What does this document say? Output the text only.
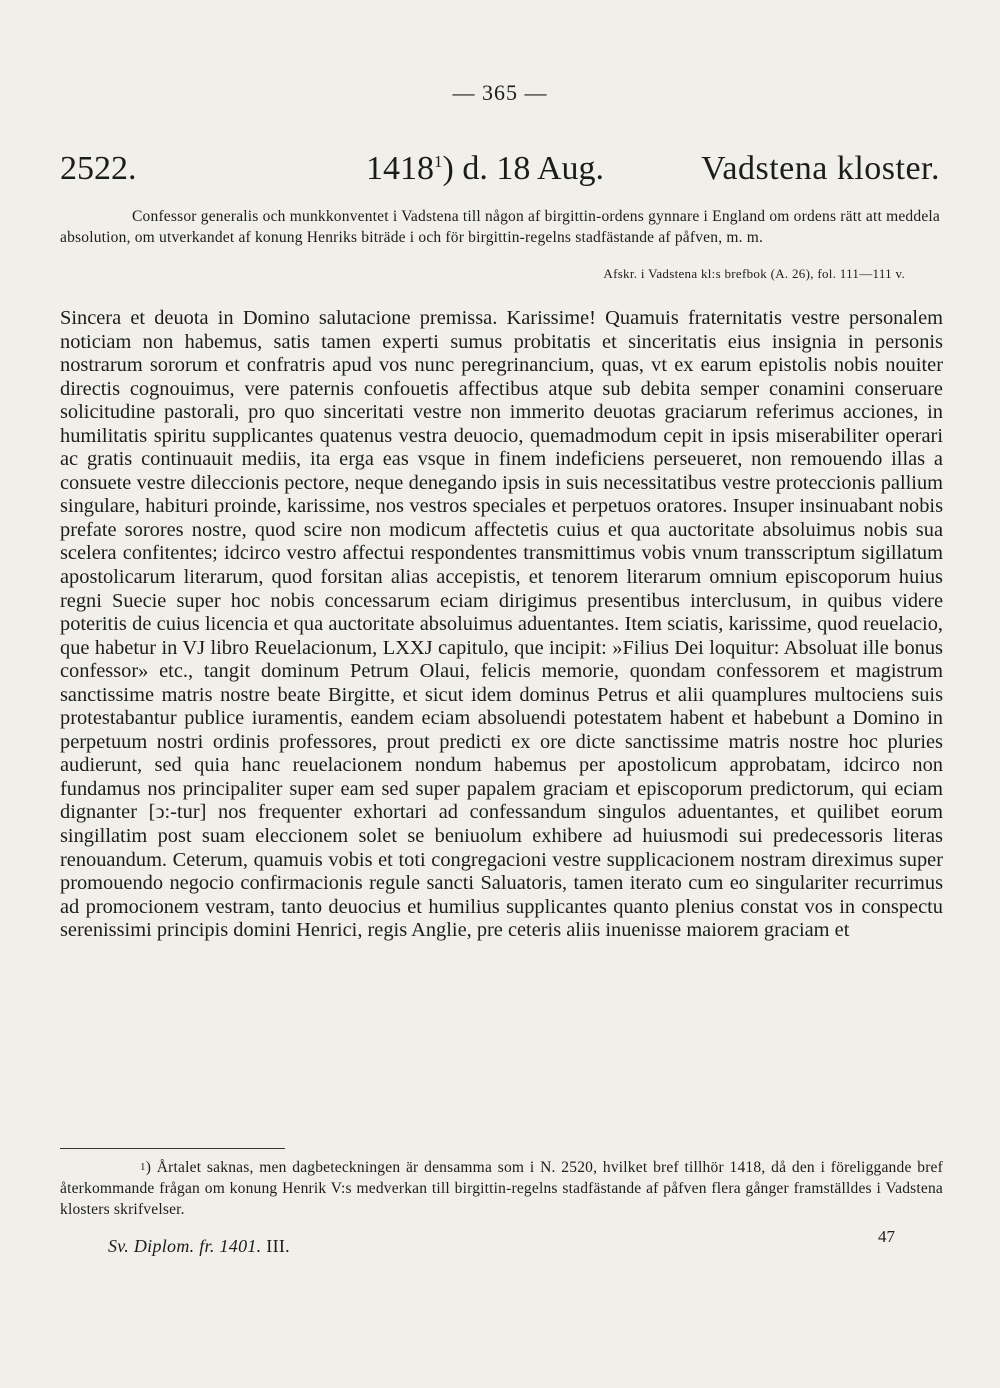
— 365 —
2522.	1418$^1$) d. 18 Aug.	Vadstena kloster.

Confessor generalis och munkkonventet i Vadstena till någon af birgittin-ordens gynnare i England om ordens rätt att meddela absolution, om utverkandet af konung Henriks biträde i och för birgittin-regelns stadfästande af påfven, m. m.

Afskr. i Vadstena kl:s brefbok (A. 26), fol. 111—111 v.

Sincera et deuota in Domino salutacione premissa. Karissime! Quamuis fraternitatis vestre personalem noticiam non habemus, satis tamen experti sumus probitatis et sinceritatis eius insignia in personis nostrarum sororum et confratris apud vos nunc peregrinancium, quas, vt ex earum epistolis nobis nouiter directis cognouimus, vere paternis confouetis affectibus atque sub debita semper conamini conseruare solicitudine pastorali, pro quo sinceritati vestre non immerito deuotas graciarum referimus acciones, in humilitatis spiritu supplicantes quatenus vestra deuocio, quemadmodum cepit in ipsis miserabiliter operari ac gratis continuauit mediis, ita erga eas vsque in finem indeficiens perseueret, non remouendo illas a consuete vestre dileccionis pectore, neque denegando ipsis in suis necessitatibus vestre proteccionis pallium singulare, habituri proinde, karissime, nos vestros speciales et perpetuos oratores. Insuper insinuabant nobis prefate sorores nostre, quod scire non modicum affectetis cuius et qua auctoritate absoluimus nobis sua scelera confitentes; idcirco vestro affectui respondentes transmittimus vobis vnum transscriptum sigillatum apostolicarum literarum, quod forsitan alias accepistis, et tenorem literarum omnium episcoporum huius regni Suecie super hoc nobis concessarum eciam dirigimus presentibus interclusum, in quibus videre poteritis de cuius licencia et qua auctoritate absoluimus aduentantes. Item sciatis, karissime, quod reuelacio, que habetur in VJ libro Reuelacionum, LXXJ capitulo, que incipit: »Filius Dei loquitur: Absoluat ille bonus confessor» etc., tangit dominum Petrum Olaui, felicis memorie, quondam confessorem et magistrum sanctissime matris nostre beate Birgitte, et sicut idem dominus Petrus et alii quamplures multociens suis protestabantur publice iuramentis, eandem eciam absoluendi potestatem habent et habebunt a Domino in perpetuum nostri ordinis professores, prout predicti ex ore dicte sanctissime matris nostre hoc pluries audierunt, sed quia hanc reuelacionem nondum habemus per apostolicum approbatam, idcirco non fundamus nos principaliter super eam sed super papalem graciam et episcoporum predictorum, qui eciam dignanter [ↄ:-tur] nos frequenter exhortari ad confessandum singulos aduentantes, et quilibet eorum singillatim post suam eleccionem solet se beniuolum exhibere ad huiusmodi sui predecessoris literas renouandum. Ceterum, quamuis vobis et toti congregacioni vestre supplicacionem nostram direximus super promouendo negocio confirmacionis regule sancti Saluatoris, tamen iterato cum eo singulariter recurrimus ad promocionem vestram, tanto deuocius et humilius supplicantes quanto plenius constat vos in conspectu serenissimi principis domini Henrici, regis Anglie, pre ceteris aliis inuenisse maiorem graciam et

$^1$) Årtalet saknas, men dagbeteckningen är densamma som i N. 2520, hvilket bref tillhör 1418, då den i föreliggande bref återkommande frågan om konung Henrik V:s medverkan till birgittin-regelns stadfästande af påfven flera gånger framställdes i Vadstena klosters skrifvelser.

Sv. Diplom. fr. 1401. III.	47
